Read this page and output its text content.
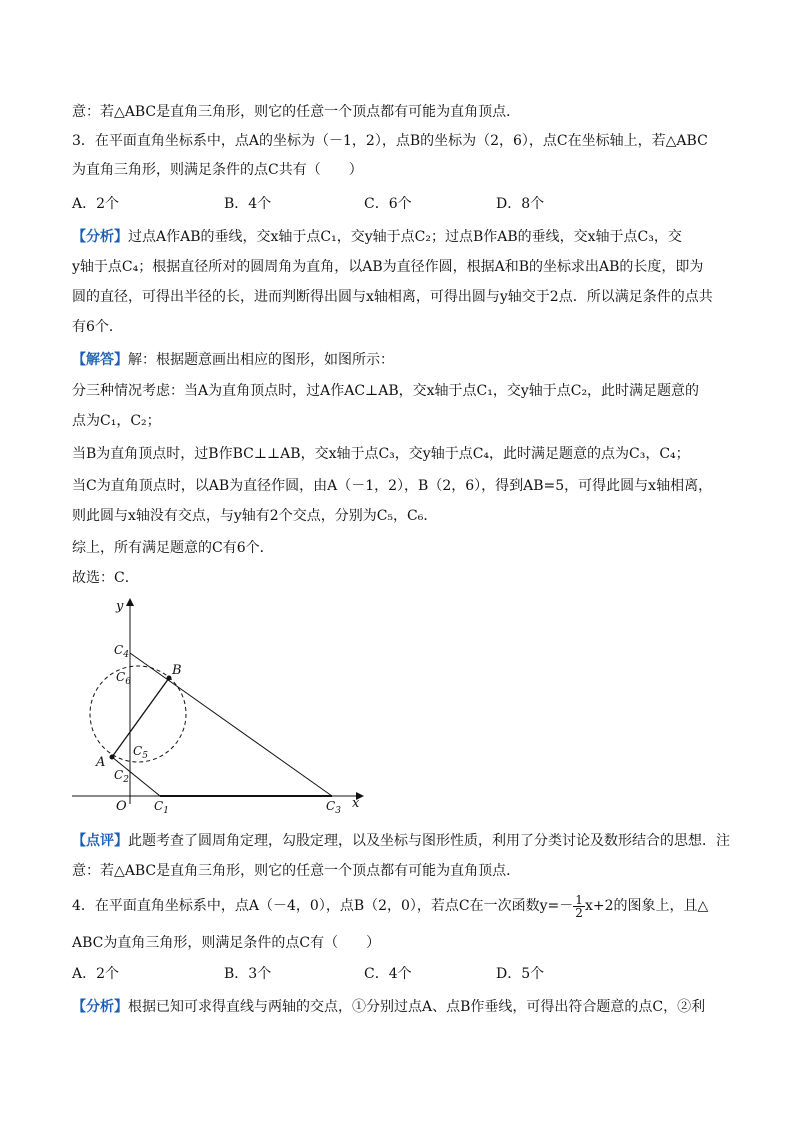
意：若△ABC是直角三角形，则它的任意一个顶点都有可能为直角顶点．
3．在平面直角坐标系中，点A的坐标为（－1，2），点B的坐标为（2，6），点C在坐标轴上，若△ABC
为直角三角形，则满足条件的点C共有（　　）
A．2个	B．4个	C．6个	D．8个
【分析】过点A作AB的垂线，交x轴于点C₁，交y轴于点C₂；过点B作AB的垂线，交x轴于点C₃，交
y轴于点C₄；根据直径所对的圆周角为直角，以AB为直径作圆，根据A和B的坐标求出AB的长度，即为
圆的直径，可得出半径的长，进而判断得出圆与x轴相离，可得出圆与y轴交于2点．所以满足条件的点共
有6个．
【解答】解：根据题意画出相应的图形，如图所示：
分三种情况考虑：当A为直角顶点时，过A作AC⊥AB，交x轴于点C₁，交y轴于点C₂，此时满足题意的
点为C₁，C₂；
当B为直角顶点时，过B作BC⊥⊥AB，交x轴于点C₃，交y轴于点C₄，此时满足题意的点为C₃，C₄；
当C为直角顶点时，以AB为直径作圆，由A（－1，2），B（2，6），得到AB=5，可得此圆与x轴相离，
则此圆与x轴没有交点，与y轴有2个交点，分别为C₅，C₆．
综上，所有满足题意的C有6个．
故选：C．
y
x
O
A
B
$C_4$
$C_6$
$C_5$
$C_2$
$C_1$	$C_3$
【点评】此题考查了圆周角定理，勾股定理，以及坐标与图形性质，利用了分类讨论及数形结合的思想．注
意：若△ABC是直角三角形，则它的任意一个顶点都有可能为直角顶点．
4．在平面直角坐标系中，点A（－4，0），点B（2，0），若点C在一次函数$y=- \frac{1}{2} x+2$的图象上，且△
ABC为直角三角形，则满足条件的点C有（　　）
A．2个	B．3个	C．4个	D．5个
【分析】根据已知可求得直线与两轴的交点，①分别过点A、点B作垂线，可得出符合题意的点C，②利
